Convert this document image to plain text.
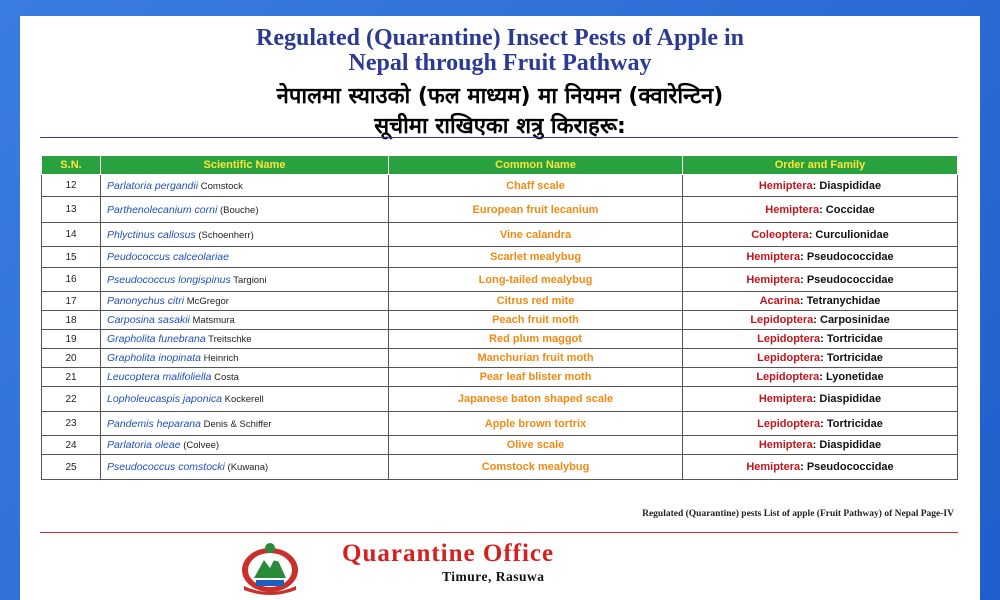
Regulated (Quarantine) Insect Pests of Apple in
Nepal through Fruit Pathway
नेपालमा स्याउको (फल माध्यम) मा नियमन (क्वारेन्टिन)
सूचीमा राखिएका शत्रु किराहरू:
S.N.	Scientific Name	Common Name	Order and Family
12	Parlatoria pergandii Comstock	Chaff scale	Hemiptera: Diaspididae
13	Parthenolecanium corni (Bouche)	European fruit lecanium	Hemiptera: Coccidae
14	Phlyctinus callosus (Schoenherr)	Vine calandra	Coleoptera: Curculionidae
15	Peudococcus calceolariae	Scarlet mealybug	Hemiptera: Pseudococcidae
16	Pseudococcus longispinus Targioni	Long-tailed mealybug	Hemiptera: Pseudococcidae
17	Panonychus citri McGregor	Citrus red mite	Acarina: Tetranychidae
18	Carposina sasakii Matsmura	Peach fruit moth	Lepidoptera: Carposinidae
19	Grapholita funebrana Treitschke	Red plum maggot	Lepidoptera: Tortricidae
20	Grapholita inopinata Heinrich	Manchurian fruit moth	Lepidoptera: Tortricidae
21	Leucoptera malifoliella Costa	Pear leaf blister moth	Lepidoptera: Lyonetidae
22	Lopholeucaspis japonica Kockerell	Japanese baton shaped scale	Hemiptera: Diaspididae
23	Pandemis heparana Denis & Schiffer	Apple brown tortrix	Lepidoptera: Tortricidae
24	Parlatoria oleae (Colvee)	Olive scale	Hemiptera: Diaspididae
25	Pseudococcus comstocki (Kuwana)	Comstock mealybug	Hemiptera: Pseudococcidae
Regulated (Quarantine) pests List of apple (Fruit Pathway) of Nepal Page-IV
Quarantine Office
Timure, Rasuwa
